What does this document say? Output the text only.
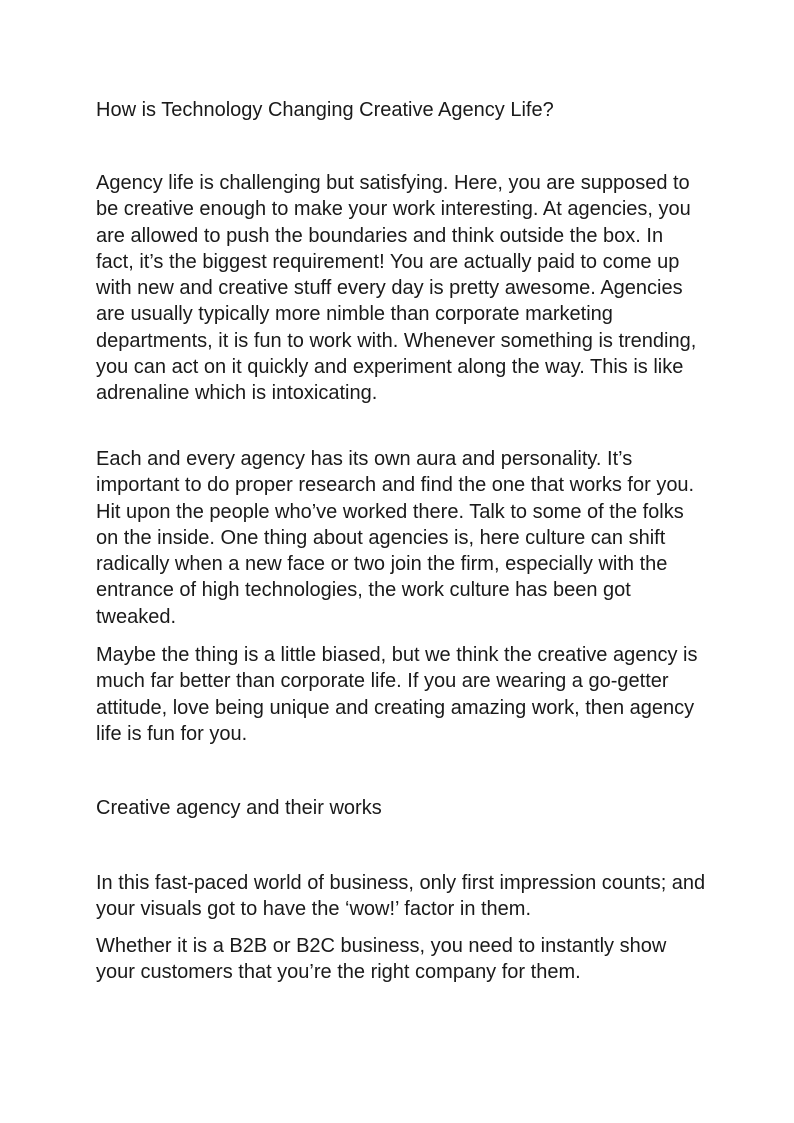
How is Technology Changing Creative Agency Life?

Agency life is challenging but satisfying. Here, you are supposed to be creative enough to make your work interesting. At agencies, you are allowed to push the boundaries and think outside the box. In fact, it’s the biggest requirement! You are actually paid to come up with new and creative stuff every day is pretty awesome. Agencies are usually typically more nimble than corporate marketing departments, it is fun to work with. Whenever something is trending, you can act on it quickly and experiment along the way. This is like adrenaline which is intoxicating.

Each and every agency has its own aura and personality. It’s important to do proper research and find the one that works for you. Hit upon the people who’ve worked there. Talk to some of the folks on the inside. One thing about agencies is, here culture can shift radically when a new face or two join the firm, especially with the entrance of high technologies, the work culture has been got tweaked.

Maybe the thing is a little biased, but we think the creative agency is much far better than corporate life. If you are wearing a go-getter attitude, love being unique and creating amazing work, then agency life is fun for you.

Creative agency and their works

In this fast-paced world of business, only first impression counts; and your visuals got to have the ‘wow!’ factor in them.

Whether it is a B2B or B2C business, you need to instantly show your customers that you’re the right company for them.
